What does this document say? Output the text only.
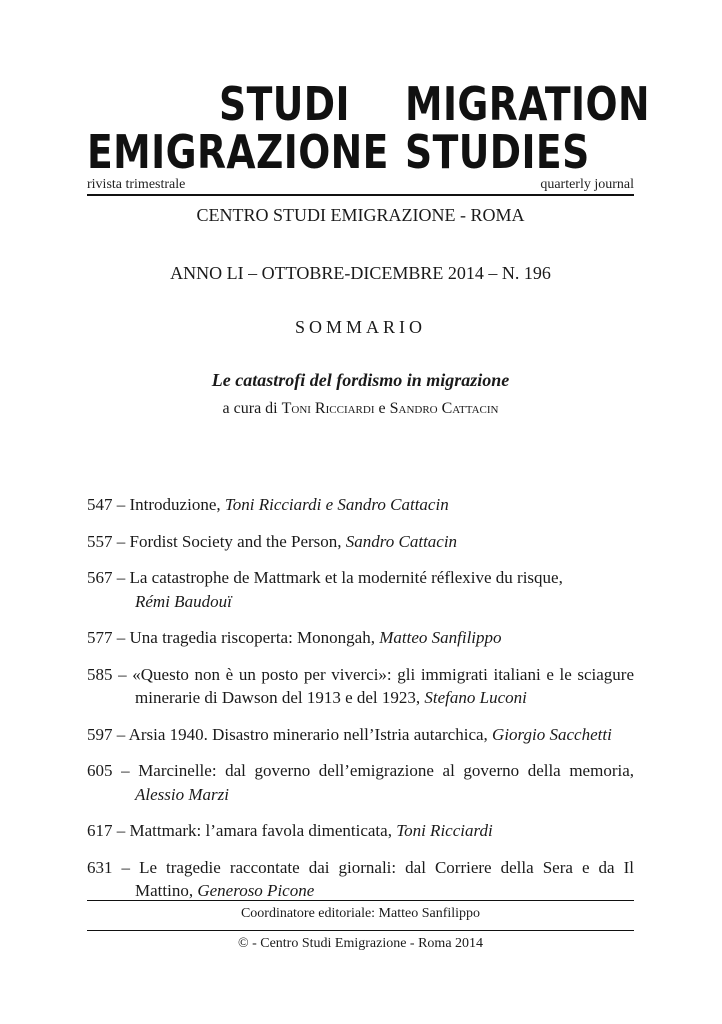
STUDI
EMIGRAZIONE
MIGRATION
STUDIES
rivista trimestrale	quarterly journal
CENTRO STUDI EMIGRAZIONE - ROMA
ANNO LI – OTTOBRE-DICEMBRE 2014 – N. 196
SOMMARIO
Le catastrofi del fordismo in migrazione
a cura di Toni Ricciardi e Sandro Cattacin
547 – Introduzione, Toni Ricciardi e Sandro Cattacin
557 – Fordist Society and the Person, Sandro Cattacin
567 – La catastrophe de Mattmark et la modernité réflexive du risque,
Rémi Baudouï
577 – Una tragedia riscoperta: Monongah, Matteo Sanfilippo
585 – «Questo non è un posto per viverci»: gli immigrati italiani e le sciagure minerarie di Dawson del 1913 e del 1923, Stefano Luconi
597 – Arsia 1940. Disastro minerario nell’Istria autarchica, Giorgio Sacchetti
605 – Marcinelle: dal governo dell’emigrazione al governo della memoria, Alessio Marzi
617 – Mattmark: l’amara favola dimenticata, Toni Ricciardi
631 – Le tragedie raccontate dai giornali: dal Corriere della Sera e da Il Mattino, Generoso Picone
Coordinatore editoriale: Matteo Sanfilippo
© - Centro Studi Emigrazione - Roma 2014
